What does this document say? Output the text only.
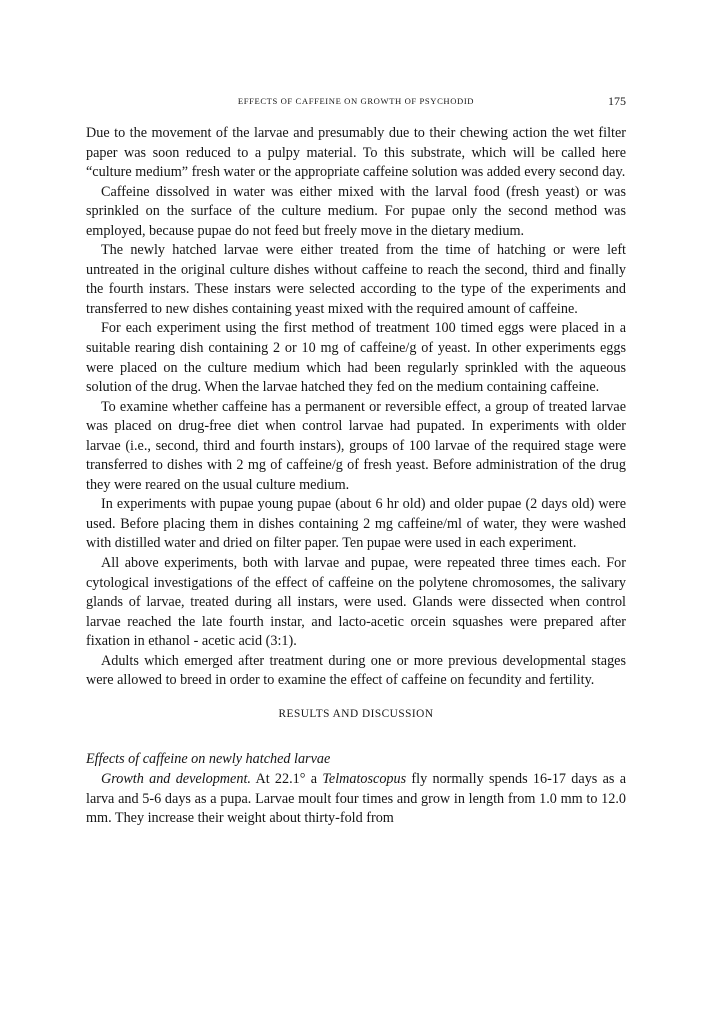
EFFECTS OF CAFFEINE ON GROWTH OF PSYCHODID	175

Due to the movement of the larvae and presumably due to their chewing action the wet filter paper was soon reduced to a pulpy material. To this substrate, which will be called here “culture medium” fresh water or the appropriate caffeine solution was added every second day.

Caffeine dissolved in water was either mixed with the larval food (fresh yeast) or was sprinkled on the surface of the culture medium. For pupae only the second method was employed, because pupae do not feed but freely move in the dietary medium.

The newly hatched larvae were either treated from the time of hatching or were left untreated in the original culture dishes without caffeine to reach the second, third and finally the fourth instars. These instars were selected according to the type of the experiments and transferred to new dishes containing yeast mixed with the required amount of caffeine.

For each experiment using the first method of treatment 100 timed eggs were placed in a suitable rearing dish containing 2 or 10 mg of caffeine/g of yeast. In other experiments eggs were placed on the culture medium which had been regularly sprinkled with the aqueous solution of the drug. When the larvae hatched they fed on the medium containing caffeine.

To examine whether caffeine has a permanent or reversible effect, a group of treated larvae was placed on drug-free diet when control larvae had pupated. In experiments with older larvae (i.e., second, third and fourth instars), groups of 100 larvae of the required stage were transferred to dishes with 2 mg of caffeine/g of fresh yeast. Before administration of the drug they were reared on the usual culture medium.

In experiments with pupae young pupae (about 6 hr old) and older pupae (2 days old) were used. Before placing them in dishes containing 2 mg caffeine/ml of water, they were washed with distilled water and dried on filter paper. Ten pupae were used in each experiment.

All above experiments, both with larvae and pupae, were repeated three times each. For cytological investigations of the effect of caffeine on the polytene chromosomes, the salivary glands of larvae, treated during all instars, were used. Glands were dissected when control larvae reached the late fourth instar, and lacto-acetic orcein squashes were prepared after fixation in ethanol - acetic acid (3:1).

Adults which emerged after treatment during one or more previous developmental stages were allowed to breed in order to examine the effect of caffeine on fecundity and fertility.

RESULTS AND DISCUSSION

Effects of caffeine on newly hatched larvae

Growth and development. At 22.1° a Telmatoscopus fly normally spends 16-17 days as a larva and 5-6 days as a pupa. Larvae moult four times and grow in length from 1.0 mm to 12.0 mm. They increase their weight about thirty-fold from
